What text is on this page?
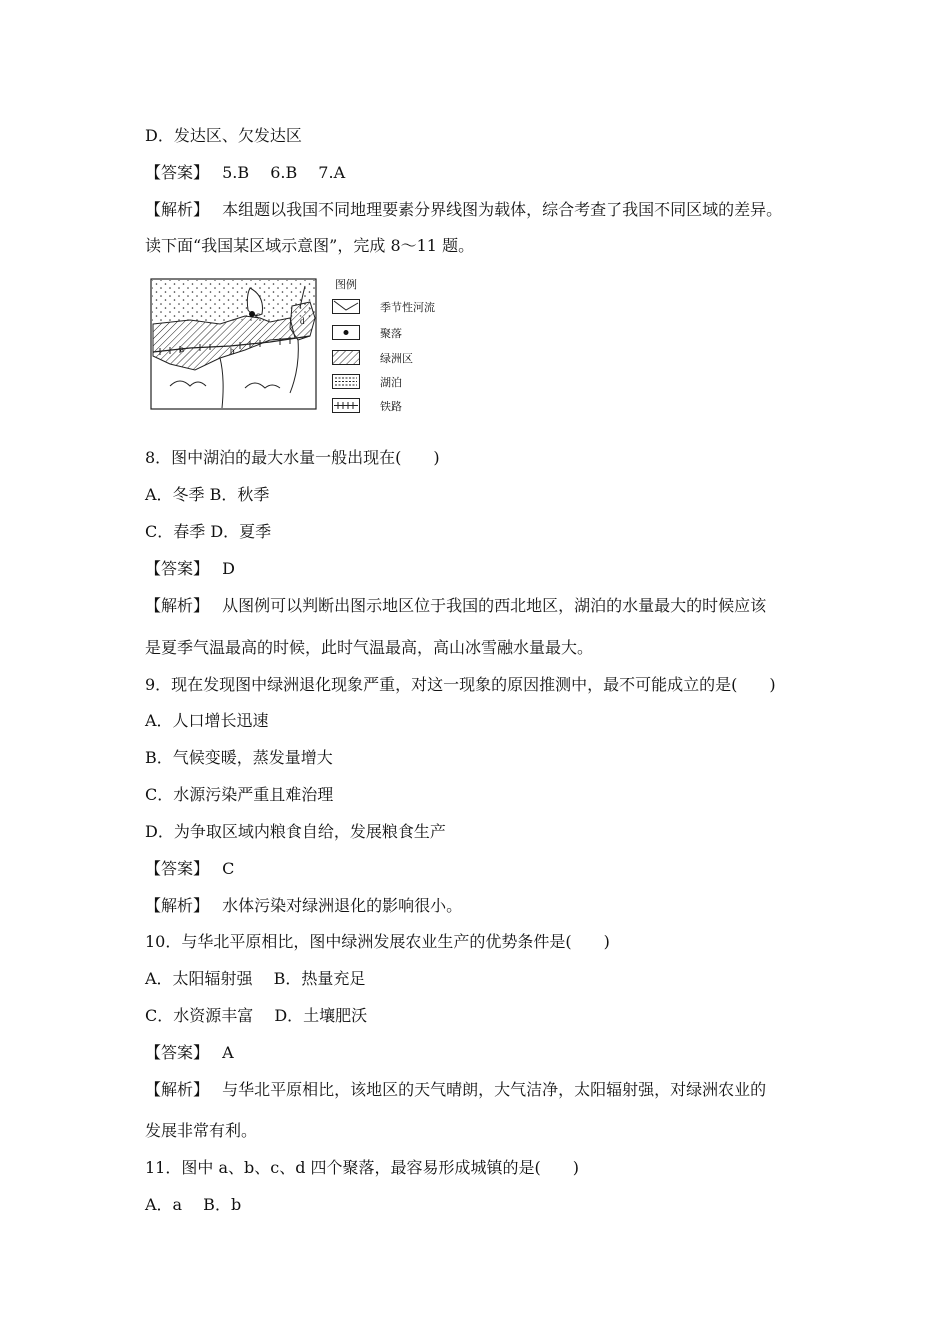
D．发达区、欠发达区
【答案】　 5.B　 6.B　 7.A
【解析】　 本组题以我国不同地理要素分界线图为载体，综合考查了我国不同区域的差异。
读下面“我国某区域示意图”，完成 8～11 题。
a	b
c
d
图例
季节性河流
聚落
绿洲区
湖泊
铁路
8．图中湖泊的最大水量一般出现在(　　)
A．冬季 B．秋季
C．春季 D．夏季
【答案】　 D
【解析】　 从图例可以判断出图示地区位于我国的西北地区，湖泊的水量最大的时候应该
是夏季气温最高的时候，此时气温最高，高山冰雪融水量最大。
9．现在发现图中绿洲退化现象严重，对这一现象的原因推测中，最不可能成立的是(　　)
A．人口增长迅速
B．气候变暖，蒸发量增大
C．水源污染严重且难治理
D．为争取区域内粮食自给，发展粮食生产
【答案】　 C
【解析】　 水体污染对绿洲退化的影响很小。
10．与华北平原相比，图中绿洲发展农业生产的优势条件是(　　)
A．太阳辐射强　 B．热量充足
C．水资源丰富　 D．土壤肥沃
【答案】　 A
【解析】　 与华北平原相比，该地区的天气晴朗，大气洁净，太阳辐射强，对绿洲农业的
发展非常有利。
11．图中 a、b、c、d 四个聚落，最容易形成城镇的是(　　)
A．a　 B．b
